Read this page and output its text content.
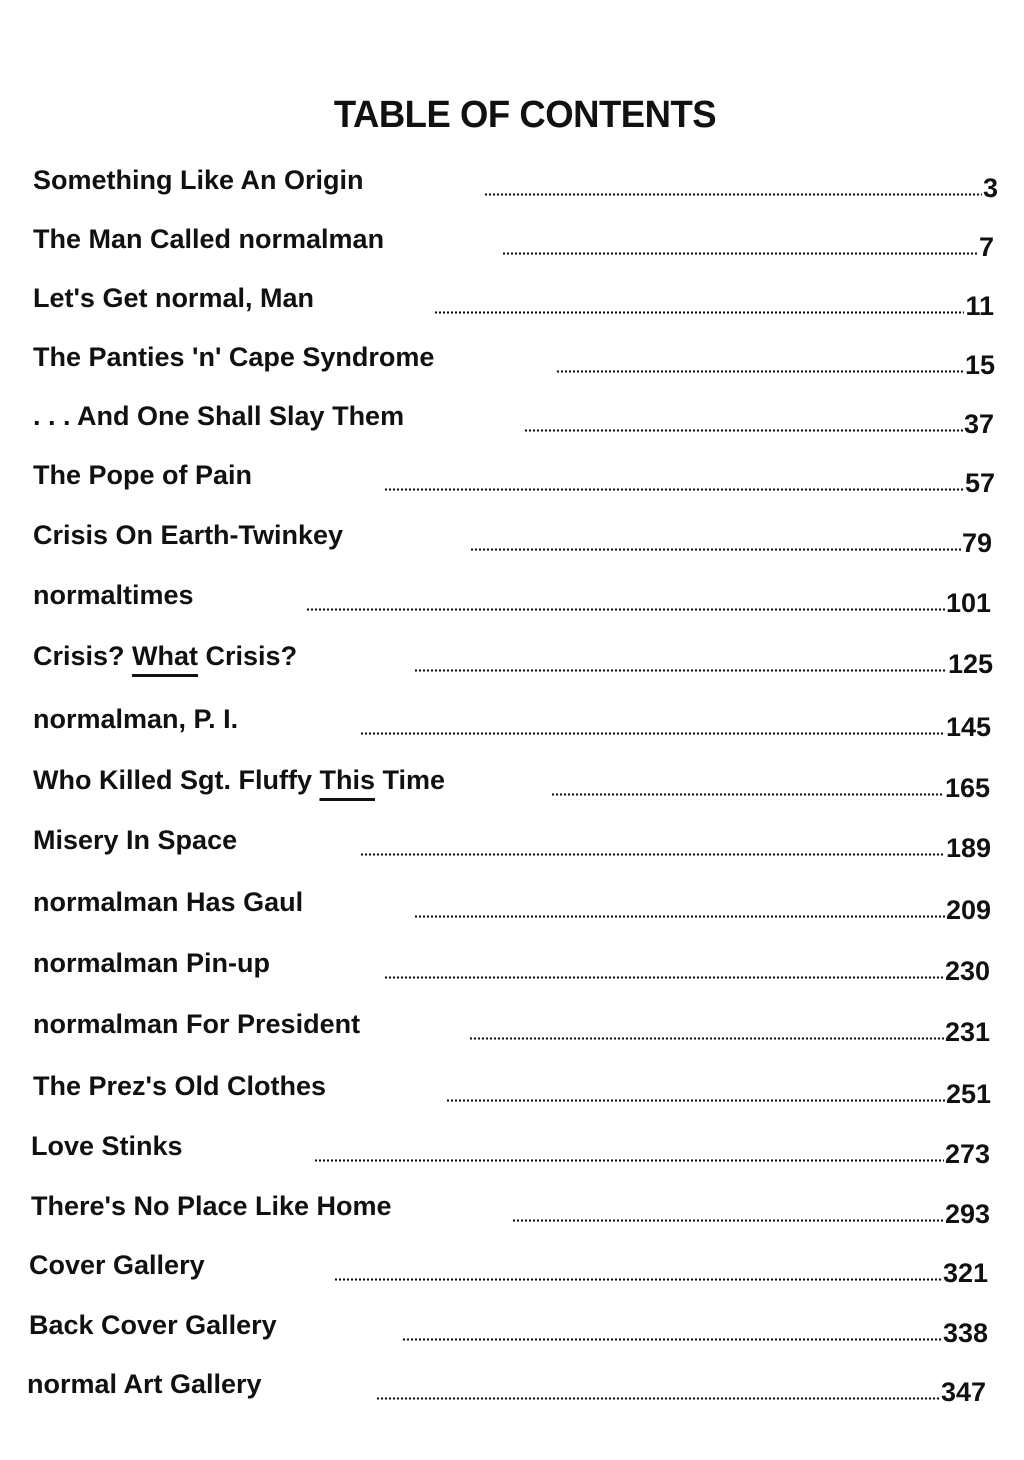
TABLE OF CONTENTS
Something Like An Origin	3
The Man Called normalman	7
Let's Get normal, Man	11
The Panties 'n' Cape Syndrome	15
. . . And One Shall Slay Them	37
The Pope of Pain	57
Crisis On Earth-Twinkey	79
normaltimes	101
Crisis? What Crisis?	125
normalman, P. I.	145
Who Killed Sgt. Fluffy This Time	165
Misery In Space	189
normalman Has Gaul	209
normalman Pin-up	230
normalman For President	231
The Prez's Old Clothes	251
Love Stinks	273
There's No Place Like Home	293
Cover Gallery	321
Back Cover Gallery	338
normal Art Gallery	347
